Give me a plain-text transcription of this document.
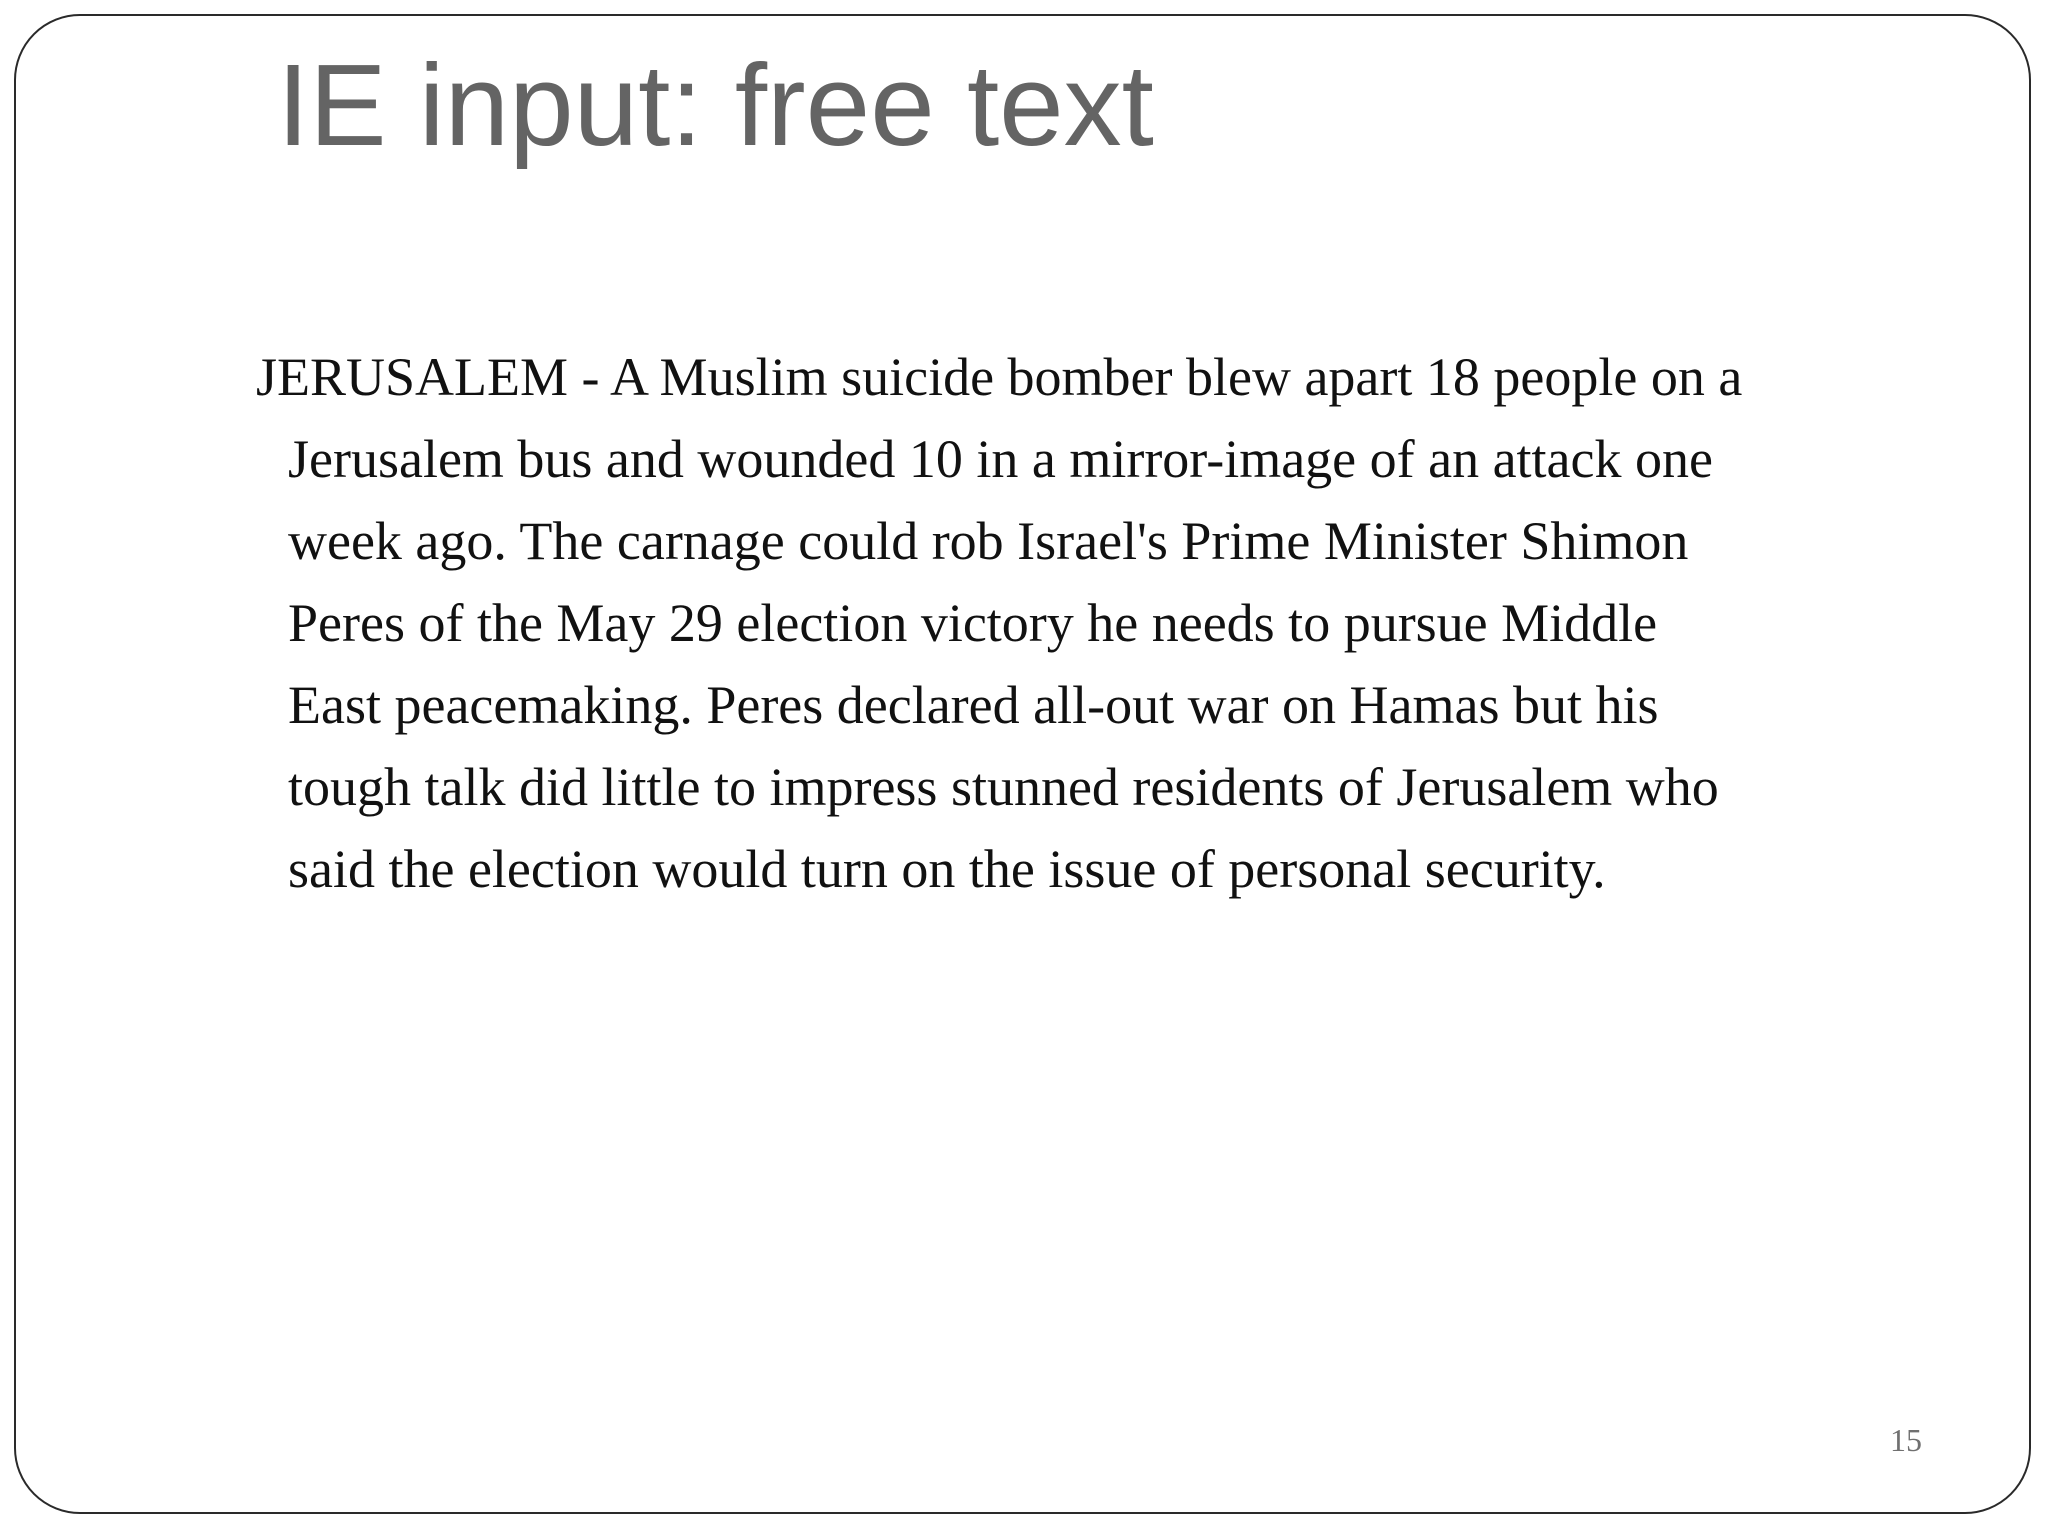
IE input: free text

JERUSALEM - A Muslim suicide bomber blew apart 18 people on a
Jerusalem bus and wounded 10 in a mirror-image of an attack one
week ago. The carnage could rob Israel's Prime Minister Shimon
Peres of the May 29 election victory he needs to pursue Middle
East peacemaking. Peres declared all-out war on Hamas but his
tough talk did little to impress stunned residents of Jerusalem who
said the election would turn on the issue of personal security.

15
